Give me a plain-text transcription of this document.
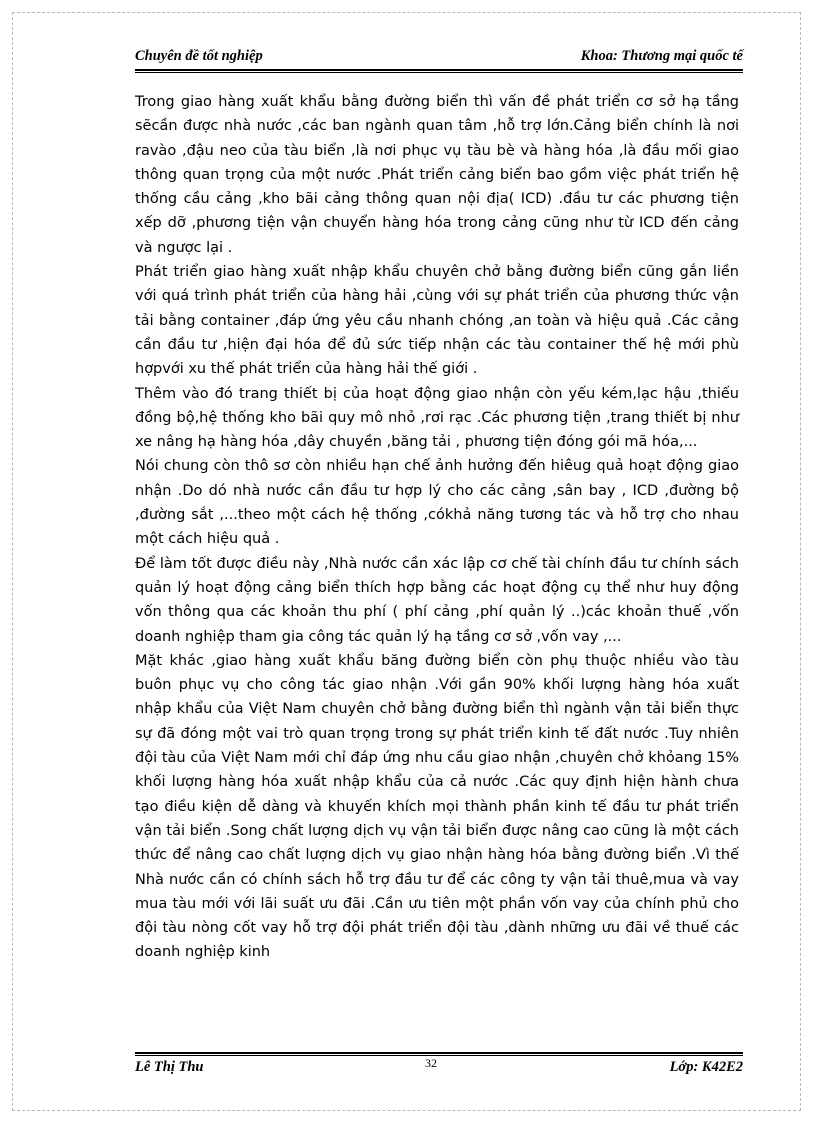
Chuyên đề tốt nghiệp	Khoa: Thương mại quốc tế

Trong giao hàng xuất khẩu bằng đường biển thì vấn đề phát triển cơ sở hạ tầng sẽcần được nhà nước ,các ban ngành quan tâm ,hỗ trợ lớn.Cảng biển chính là nơi ravào ,đậu neo của tàu biển ,là nơi phục vụ tàu bè và hàng hóa ,là đầu mối giao thông quan trọng của một nước .Phát triển cảng biển bao gồm việc phát triển hệ thống cầu cảng ,kho bãi cảng thông quan nội địa( ICD) .đầu tư các phương tiện xếp dỡ ,phương tiện vận chuyển hàng hóa trong cảng cũng như từ ICD đến cảng và ngược lại .

Phát triển giao hàng xuất nhập khẩu chuyên chở bằng đường biển cũng gắn liền với quá trình phát triển của hàng hải ,cùng với sự phát triển của phương thức vận tải bằng container ,đáp ứng yêu cầu nhanh chóng ,an toàn và hiệu quả .Các cảng cần đầu tư ,hiện đại hóa để đủ sức tiếp nhận các tàu container thế hệ mới phù hợpvới xu thế phát triển của hàng hải thế giới .

Thêm vào đó trang thiết bị của hoạt động giao nhận còn yếu kém,lạc hậu ,thiếu đồng bộ,hệ thống kho bãi quy mô nhỏ ,rơi rạc .Các phương tiện ,trang thiết bị như xe nâng hạ hàng hóa ,dây chuyền ,băng tải , phương tiện đóng gói mã hóa,...

Nói chung còn thô sơ còn nhiều hạn chế ảnh hưởng đến hiêug quả hoạt động giao nhận .Do dó nhà nước cần đầu tư hợp lý cho các cảng ,sân bay , ICD ,đường bộ ,đường sắt ,...theo một cách hệ thống ,cókhả năng tương tác và hỗ trợ cho nhau một cách hiệu quả .

Để làm tốt được điều này ,Nhà nước cần xác lập cơ chế tài chính đầu tư chính sách quản lý hoạt động cảng biển thích hợp bằng các hoạt động cụ thể như huy động vốn thông qua các khoản thu phí ( phí cảng ,phí quản lý ..)các khoản thuế ,vốn doanh nghiệp tham gia công tác quản lý hạ tầng cơ sở ,vốn vay ,...

Mặt khác ,giao hàng xuất khẩu băng đường biển còn phụ thuộc nhiều vào tàu buôn phục vụ cho công tác giao nhận .Với gần 90% khối lượng hàng hóa xuất nhập khẩu của Việt Nam chuyên chở bằng đường biển thì ngành vận tải biển thực sự đã đóng một vai trò quan trọng trong sự phát triển kinh tế đất nước .Tuy nhiên đội tàu của Việt Nam mới chỉ đáp ứng nhu cầu giao nhận ,chuyên chở khỏang 15% khối lượng hàng hóa xuất nhập khẩu của cả nước .Các quy định hiện hành chưa tạo điều kiện dễ dàng và khuyến khích mọi thành phần kinh tế đầu tư phát triển vận tải biển .Song chất lượng dịch vụ vận tải biển được nâng cao cũng là một cách thức để nâng cao chất lượng dịch vụ giao nhận hàng hóa bằng đường biển .Vì thế Nhà nước cần có chính sách hỗ trợ đầu tư để các công ty vận tải thuê,mua và vay mua tàu mới với lãi suất ưu đãi .Cần ưu tiên một phần vốn vay của chính phủ cho đội tàu nòng cốt vay hỗ trợ đội phát triển đội tàu ,dành những ưu đãi về thuế các doanh nghiệp kinh

Lê Thị Thu	32	Lớp: K42E2
